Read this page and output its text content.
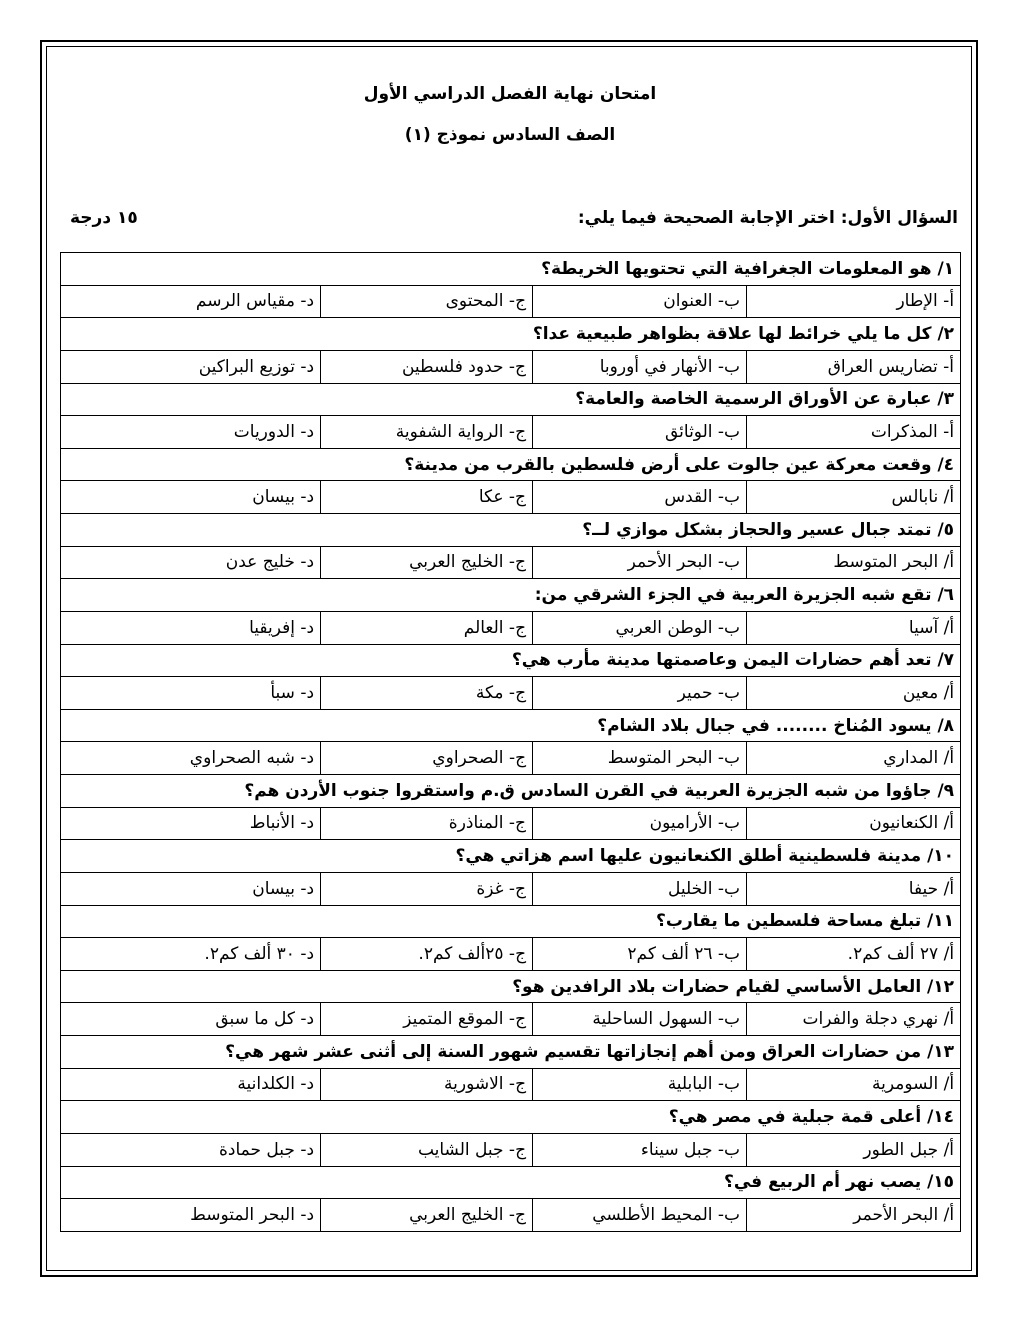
امتحان نهاية الفصل الدراسي الأول
الصف السادس نموذج (١)
السؤال الأول: اختر الإجابة الصحيحة فيما يلي:
١٥ درجة
١/ هو المعلومات الجغرافية التي تحتويها الخريطة؟			
أ- الإطار	ب- العنوان	ج- المحتوى	د- مقياس الرسم
٢/ كل ما يلي خرائط لها علاقة بظواهر طبيعية عدا؟			
أ- تضاريس العراق	ب- الأنهار في أوروبا	ج- حدود فلسطين	د- توزيع البراكين
٣/ عبارة عن الأوراق الرسمية الخاصة والعامة؟			
أ- المذكرات	ب- الوثائق	ج- الرواية الشفوية	د- الدوريات
٤/ وقعت معركة عين جالوت على أرض فلسطين بالقرب من مدينة؟			
أ/ نابالس	ب- القدس	ج- عكا	د- بيسان
٥/ تمتد جبال عسير والحجاز بشكل موازي لــ؟			
أ/ البحر المتوسط	ب- البحر الأحمر	ج- الخليج العربي	د- خليج عدن
٦/ تقع شبه الجزيرة العربية في الجزء الشرقي من:			
أ/ آسيا	ب- الوطن العربي	ج- العالم	د- إفريقيا
٧/ تعد أهم حضارات اليمن وعاصمتها مدينة مأرب هي؟			
أ/ معين	ب- حمير	ج- مكة	د- سبأ
٨/ يسود المُناخ ........ في جبال بلاد الشام؟			
أ/ المداري	ب- البحر المتوسط	ج- الصحراوي	د- شبه الصحراوي
٩/ جاؤوا من شبه الجزيرة العربية في القرن السادس ق.م واستقروا جنوب الأردن هم؟			
أ/ الكنعانيون	ب- الأراميون	ج- المناذرة	د- الأنباط
١٠/ مدينة فلسطينية أطلق الكنعانيون عليها اسم هزاتي هي؟			
أ/ حيفا	ب- الخليل	ج- غزة	د- بيسان
١١/ تبلغ مساحة فلسطين ما يقارب؟			
أ/ ٢٧ ألف كم٢.	ب- ٢٦ ألف كم٢	ج- ٢٥ألف كم٢.	د- ٣٠ ألف كم٢.
١٢/ العامل الأساسي لقيام حضارات بلاد الرافدين هو؟			
أ/ نهري دجلة والفرات	ب- السهول الساحلية	ج- الموقع المتميز	د- كل ما سبق
١٣/ من حضارات العراق ومن أهم إنجازاتها تقسيم شهور السنة إلى أثنى عشر شهر هي؟			
أ/ السومرية	ب- البابلية	ج- الاشورية	د- الكلدانية
١٤/ أعلى قمة جبلية في مصر هي؟			
أ/ جبل الطور	ب- جبل سيناء	ج- جبل الشايب	د- جبل حمادة
١٥/ يصب نهر أم الربيع في؟			
أ/ البحر الأحمر	ب- المحيط الأطلسي	ج- الخليج العربي	د- البحر المتوسط
